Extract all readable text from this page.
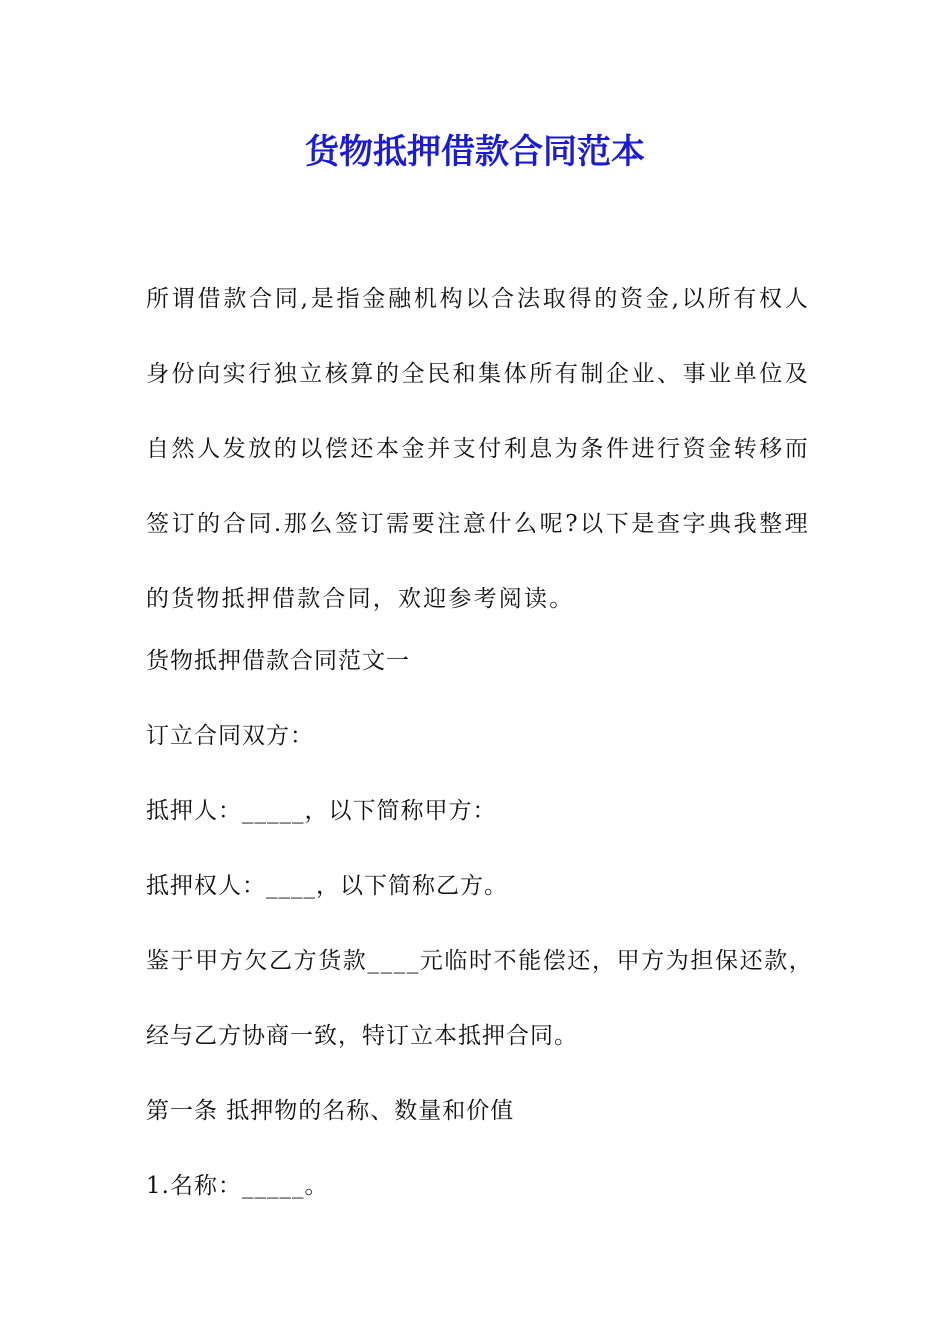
货物抵押借款合同范本

所谓借款合同,是指金融机构以合法取得的资金,以所有权人身份向实行独立核算的全民和集体所有制企业、事业单位及自然人发放的以偿还本金并支付利息为条件进行资金转移而签订的合同.那么签订需要注意什么呢?以下是查字典我整理的货物抵押借款合同，欢迎参考阅读。

货物抵押借款合同范文一

订立合同双方：

抵押人：_____，以下简称甲方：

抵押权人：____，以下简称乙方。

鉴于甲方欠乙方货款____元临时不能偿还，甲方为担保还款，

经与乙方协商一致，特订立本抵押合同。

第一条 抵押物的名称、数量和价值

1.名称：_____。
